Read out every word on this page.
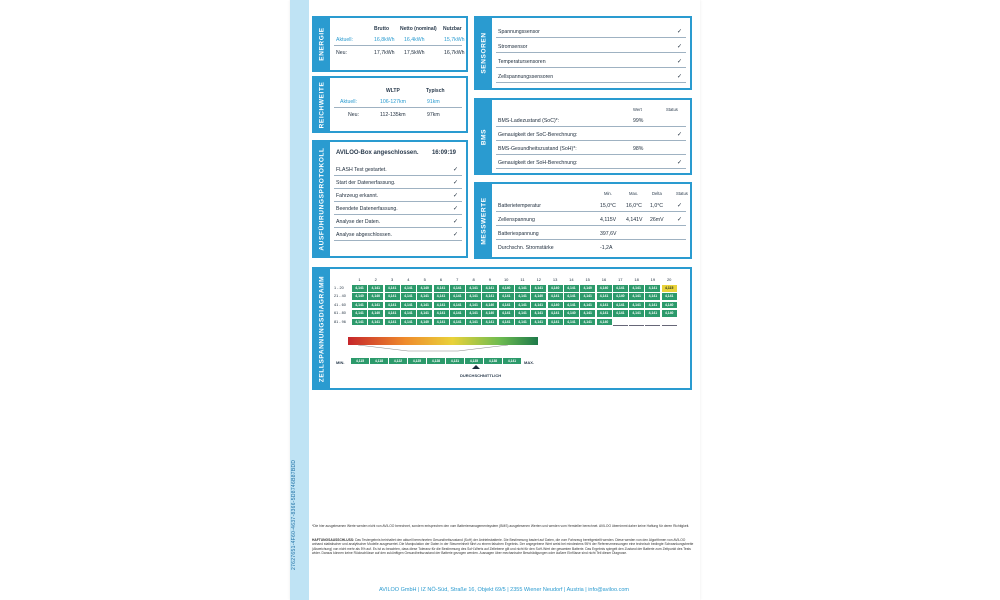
27627651-4F60-4637-8366-5D8746B87BDD
ENERGIE	Brutto Netto (nominal) Nutzbar
Aktuell:	16,8kWh 16,4kWh	15,7kWh
Neu:	17,7kWh 17,5kWh	16,7kWh
REICHWEITE	WLTP	Typisch
Aktuell:	106-127km	91km
Neu:	112-135km	97km
AUSFÜHRUNGSPROTOKOLL AVILOO-Box angeschlossen. 16:09:19
FLASH Test gestartet.	✓
Start der Datenerfassung.	✓
Fahrzeug erkannt.	✓
Beendete Datenerfassung.	✓
Analyse der Daten.	✓
Analyse abgeschlossen.	✓
SENSOREN
Spannungssensor	✓
Stromsensor	✓
Temperatursensoren	✓
Zellspannungssensoren	✓
BMS
Wert	Status
BMS-Ladezustand (SoC)*:	99%
Genauigkeit der SoC-Berechnung:	✓
BMS-Gesundheitszustand (SoH)*:	98%
Genauigkeit der SoH-Berechnung:	✓
MESSWERTE
Min.	Max.	Delta	Status
Batterietemperatur	15,0°C 16,0°C 1,0°C ✓
Zellenspannung	4,115V 4,141V 26mV ✓
Batteriespannung	397,6V
Durchschn. Stromstärke	-1,2A
ZELLSPANNUNGSDIAGRAMM	1	2	3	4	5	6	7	8	9	10	11	12	13	14	15	16	17	18	19	20
1 - 20	4,141	4,141	4,141	4,141	4,140	4,141	4,141	4,141	4,141	4,140	4,141	4,141	4,140	4,141	4,140	4,140	4,141	4,141	4,141	4,115
21 - 40	4,140	4,140	4,141	4,141	4,141	4,141	4,141	4,141	4,141	4,141	4,141	4,140	4,141	4,141	4,141	4,141	4,140	4,141	4,141	4,141
41 - 60	4,141	4,141	4,141	4,141	4,141	4,141	4,141	4,141	4,140	4,141	4,141	4,141	4,140	4,141	4,141	4,141	4,141	4,141	4,141	4,140
61 - 80	4,141	4,140	4,141	4,141	4,141	4,141	4,141	4,141	4,140	4,141	4,141	4,141	4,141	4,140	4,141	4,141	4,141	4,141	4,141	4,140
81 - 96	4,141	4,141	4,141	4,141	4,140	4,141	4,141	4,141	4,141	4,141	4,141	4,141	4,141	4,141	4,141	4,140
MIN.	4,115	4,118	4,122	4,125	4,128	4,131	4,135	4,138	4,141	MAX.
DURCHSCHNITTLICH
*Die hier ausgelesenen Werte werden nicht von AVILOO berechnet, sondern entsprechen den vom Batteriemanagementsystem (BMS) ausgelesenen Werten und werden vom Hersteller berechnet. AVILOO übernimmt daher keine Haftung für deren Richtigkeit.
HAFTUNGSAUSSCHLUSS: Das Testergebnis beinhaltet den aktuell berechneten Gesundheitszustand (SoH) der Antriebsbatterie. Die Bestimmung basiert auf Daten, die vom Fahrzeug bereitgestellt werden. Diese werden von den Algorithmen von AVILOO anhand statistischer und analytischer Modelle ausgewertet. Die Manipulation der Daten in der Steuereinheit führt zu einem falschen Ergebnis. Der angegebene Wert weist bei mindestens 95% der Referenzmessungen eine technisch bedingte Schwankungsbreite (Abweichung) von nicht mehr als 5% auf. Es ist zu beachten, dass diese Toleranz für die Bestimmung des SoH-Werts auf Zellebene gilt und nicht für den SoH-Wert der gesamten Batterie. Das Ergebnis spiegelt den Zustand der Batterie zum Zeitpunkt des Tests wider. Daraus können keine Rückschlüsse auf den zukünftigen Gesundheitszustand der Batterie gezogen werden. Aussagen über mechanische Beschädigungen oder äußere Einflüsse sind nicht Teil dieser Diagnose.
AVILOO GmbH | IZ NÖ-Süd, Straße 16, Objekt 69/5 | 2355 Wiener Neudorf | Austria | info@aviloo.com
